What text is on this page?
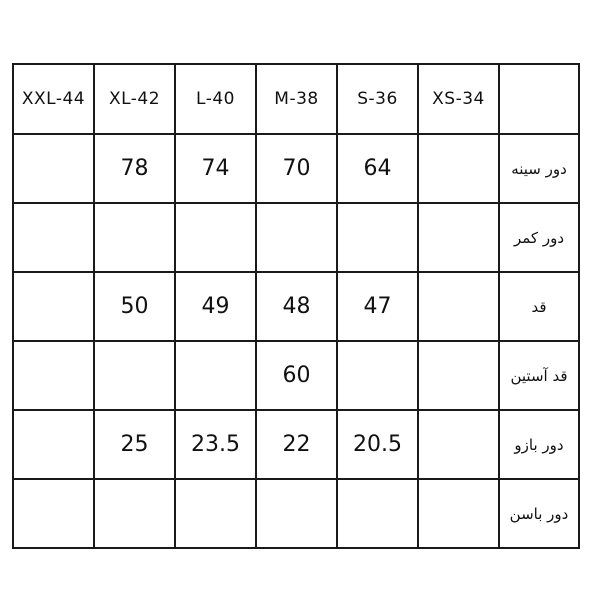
XXL-44	XL-42	L-40	M-38	S-36	XS-34	
	78	74	70	64		دور سینه
						دور کمر
	50	49	48	47		قد
			60			قد آستین
	25	23.5	22	20.5		دور بازو
						دور باسن
